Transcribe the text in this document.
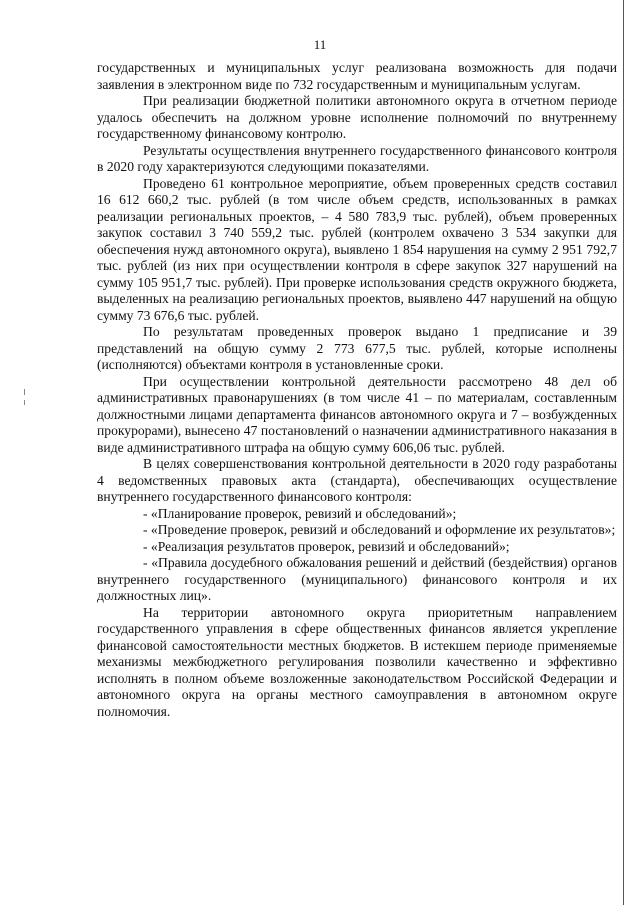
11

государственных и муниципальных услуг реализована возможность для подачи заявления в электронном виде по 732 государственным и муниципальным услугам.

При реализации бюджетной политики автономного округа в отчетном периоде удалось обеспечить на должном уровне исполнение полномочий по внутреннему государственному финансовому контролю.

Результаты осуществления внутреннего государственного финансового контроля в 2020 году характеризуются следующими показателями.

Проведено 61 контрольное мероприятие, объем проверенных средств составил 16 612 660,2 тыс. рублей (в том числе объем средств, использованных в рамках реализации региональных проектов, – 4 580 783,9 тыс. рублей), объем проверенных закупок составил 3 740 559,2 тыс. рублей (контролем охвачено 3 534 закупки для обеспечения нужд автономного округа), выявлено 1 854 нарушения на сумму 2 951 792,7 тыс. рублей (из них при осуществлении контроля в сфере закупок 327 нарушений на сумму 105 951,7 тыс. рублей). При проверке использования средств окружного бюджета, выделенных на реализацию региональных проектов, выявлено 447 нарушений на общую сумму 73 676,6 тыс. рублей.

По результатам проведенных проверок выдано 1 предписание и 39 представлений на общую сумму 2 773 677,5 тыс. рублей, которые исполнены (исполняются) объектами контроля в установленные сроки.

При осуществлении контрольной деятельности рассмотрено 48 дел об административных правонарушениях (в том числе 41 – по материалам, составленным должностными лицами департамента финансов автономного округа и 7 – возбужденных прокурорами), вынесено 47 постановлений о назначении административного наказания в виде административного штрафа на общую сумму 606,06 тыс. рублей.

В целях совершенствования контрольной деятельности в 2020 году разработаны 4 ведомственных правовых акта (стандарта), обеспечивающих осуществление внутреннего государственного финансового контроля:

- «Планирование проверок, ревизий и обследований»;

- «Проведение проверок, ревизий и обследований и оформление их результатов»;

- «Реализация результатов проверок, ревизий и обследований»;

- «Правила досудебного обжалования решений и действий (бездействия) органов внутреннего государственного (муниципального) финансового контроля и их должностных лиц».

На территории автономного округа приоритетным направлением государственного управления в сфере общественных финансов является укрепление финансовой самостоятельности местных бюджетов. В истекшем периоде применяемые механизмы межбюджетного регулирования позволили качественно и эффективно исполнять в полном объеме возложенные законодательством Российской Федерации и автономного округа на органы местного самоуправления в автономном округе полномочия.
